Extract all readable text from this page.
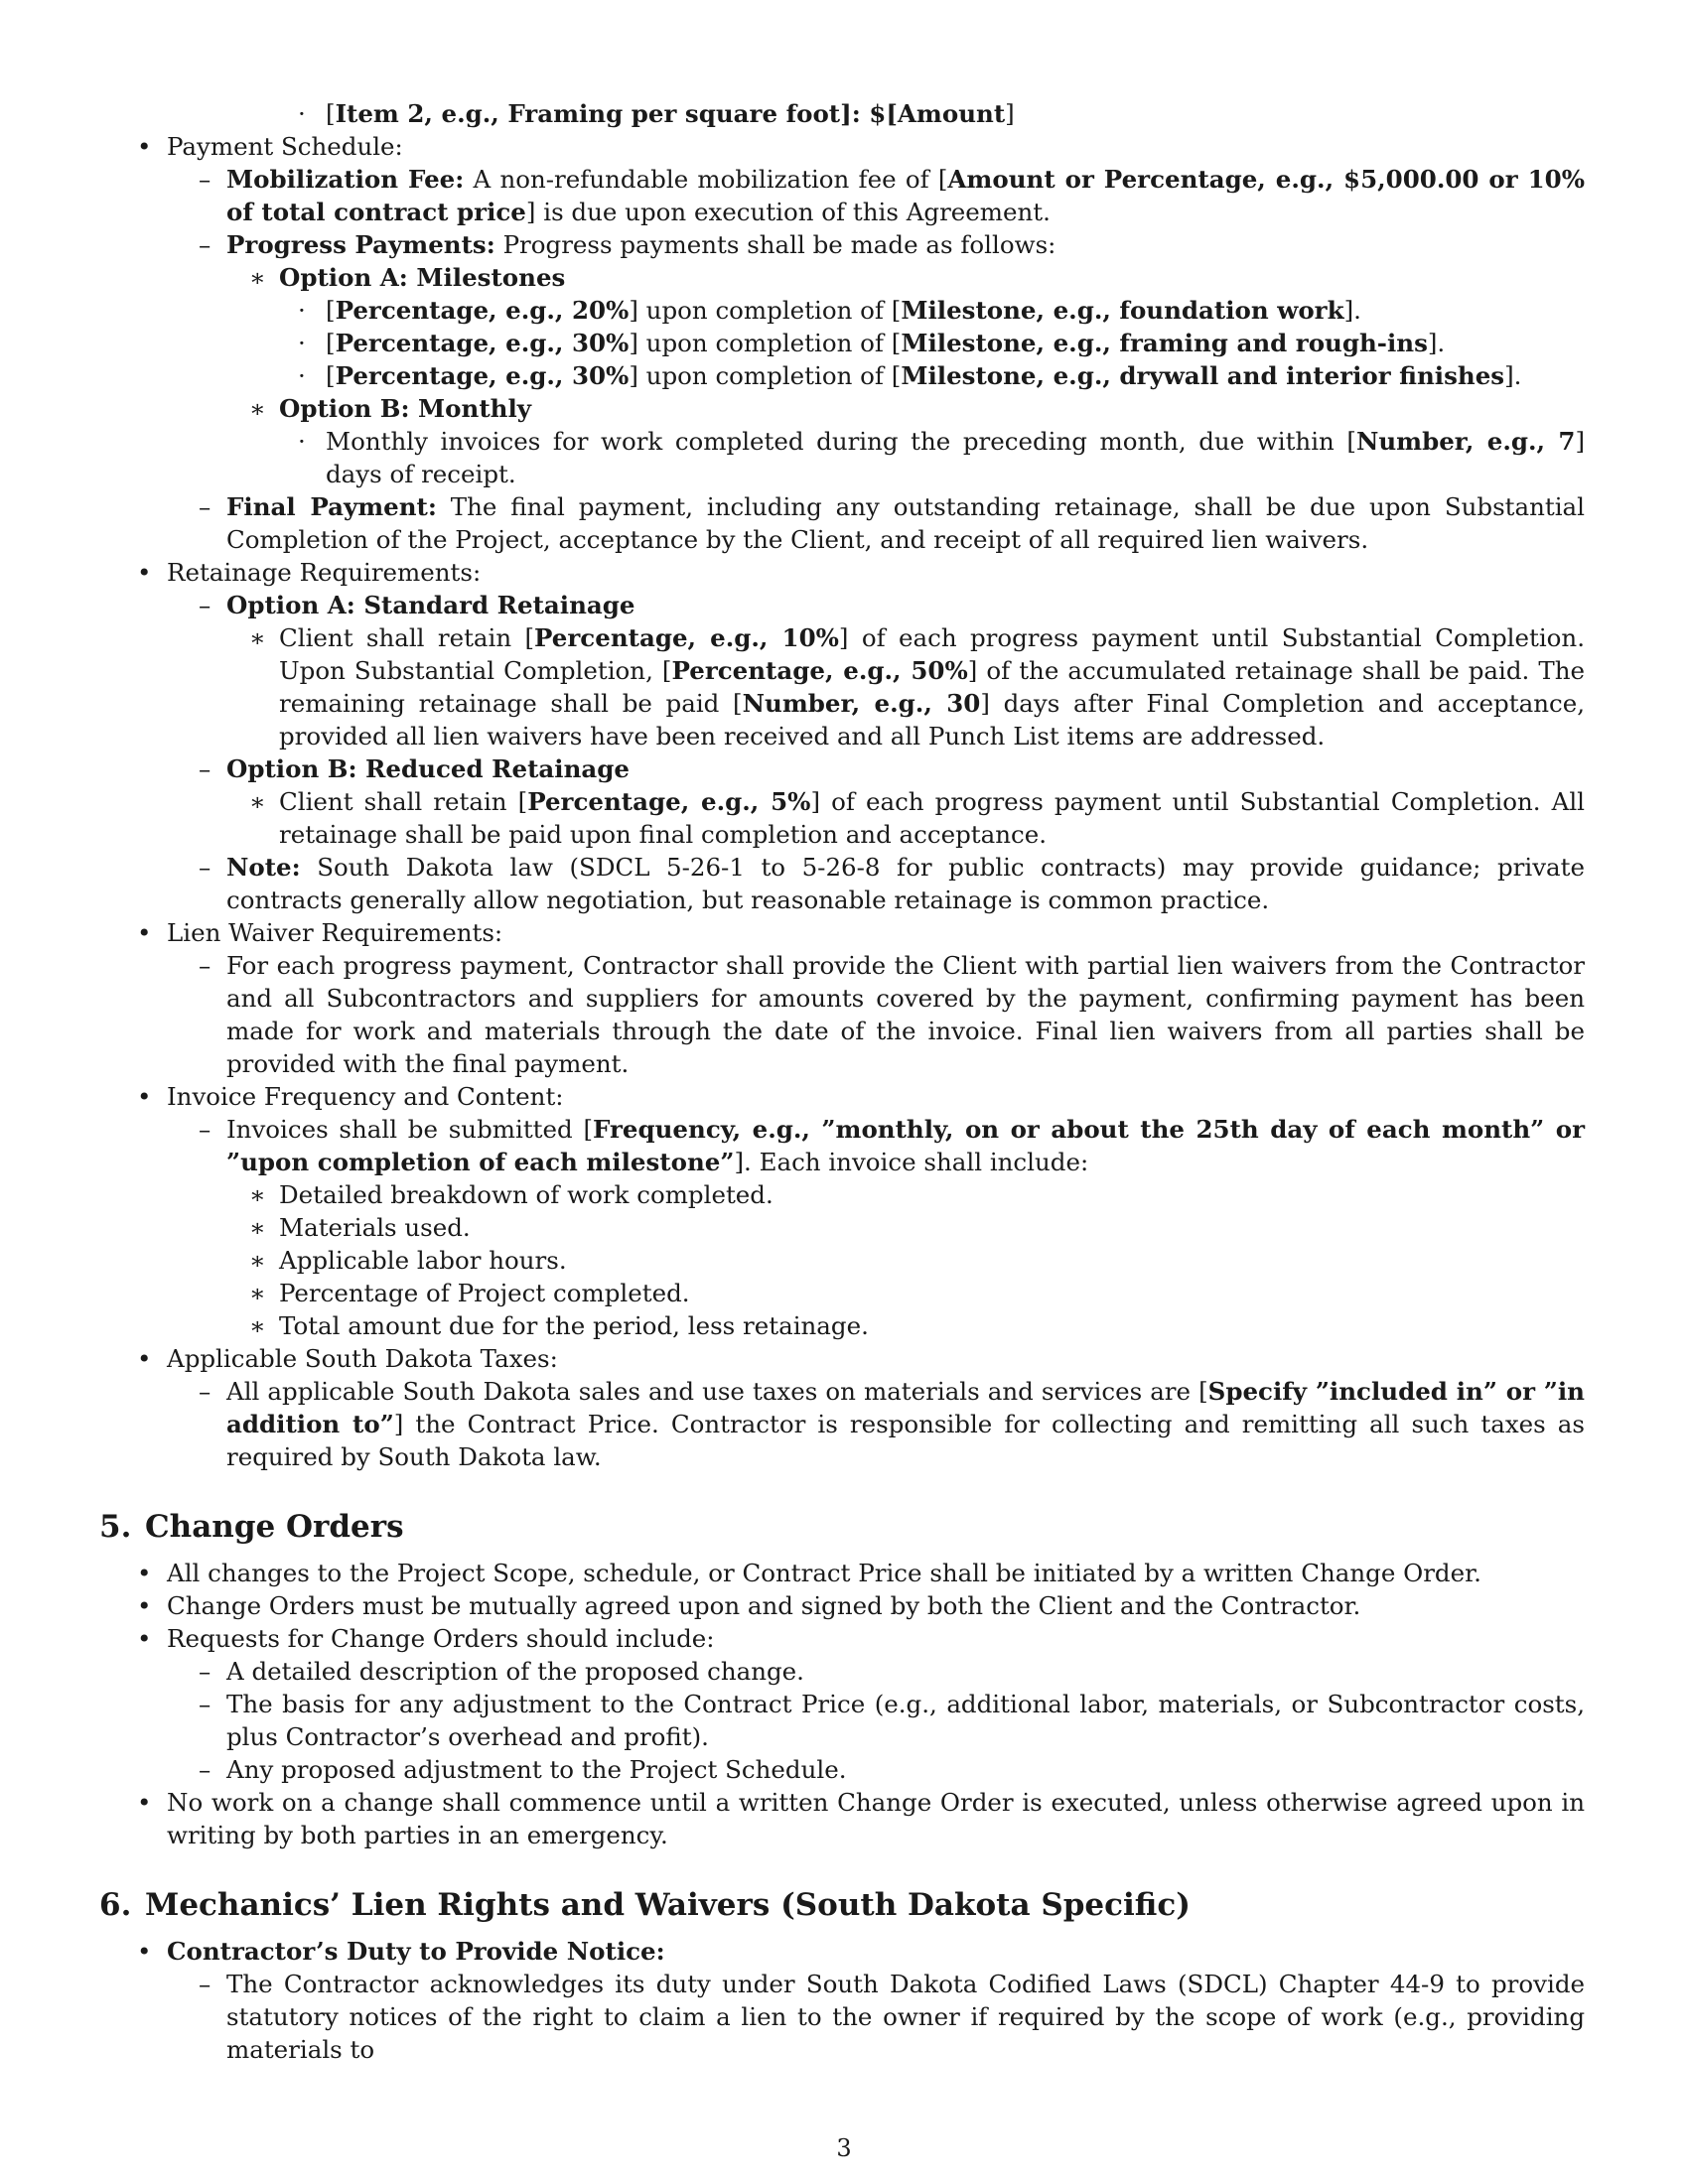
·
[Item 2, e.g., Framing per square foot]: $[Amount]
•
Payment Schedule:
–
Mobilization Fee: A non-refundable mobilization fee of [Amount or Percentage, e.g., $5,000.00 or 10% of total contract price] is due upon execution of this Agreement.
–
Progress Payments: Progress payments shall be made as follows:
∗
Option A: Milestones
·
[Percentage, e.g., 20%] upon completion of [Milestone, e.g., foundation work].
·
[Percentage, e.g., 30%] upon completion of [Milestone, e.g., framing and rough-ins].
·
[Percentage, e.g., 30%] upon completion of [Milestone, e.g., drywall and interior finishes].
∗
Option B: Monthly
·
Monthly invoices for work completed during the preceding month, due within [Number, e.g., 7] days of receipt.
–
Final Payment: The final payment, including any outstanding retainage, shall be due upon Substantial Completion of the Project, acceptance by the Client, and receipt of all required lien waivers.
•
Retainage Requirements:
–
Option A: Standard Retainage
∗
Client shall retain [Percentage, e.g., 10%] of each progress payment until Substantial Completion. Upon Substantial Completion, [Percentage, e.g., 50%] of the accumulated retainage shall be paid. The remaining retainage shall be paid [Number, e.g., 30] days after Final Completion and acceptance, provided all lien waivers have been received and all Punch List items are addressed.
–
Option B: Reduced Retainage
∗
Client shall retain [Percentage, e.g., 5%] of each progress payment until Substantial Completion. All retainage shall be paid upon final completion and acceptance.
–
Note: South Dakota law (SDCL 5-26-1 to 5-26-8 for public contracts) may provide guidance; private contracts generally allow negotiation, but reasonable retainage is common practice.
•
Lien Waiver Requirements:
–
For each progress payment, Contractor shall provide the Client with partial lien waivers from the Contractor and all Subcontractors and suppliers for amounts covered by the payment, confirming payment has been made for work and materials through the date of the invoice. Final lien waivers from all parties shall be provided with the final payment.
•
Invoice Frequency and Content:
–
Invoices shall be submitted [Frequency, e.g., ”monthly, on or about the 25th day of each month” or ”upon completion of each milestone”]. Each invoice shall include:
∗
Detailed breakdown of work completed.
∗
Materials used.
∗
Applicable labor hours.
∗
Percentage of Project completed.
∗
Total amount due for the period, less retainage.
•
Applicable South Dakota Taxes:
–
All applicable South Dakota sales and use taxes on materials and services are [Specify ”included in” or ”in addition to”] the Contract Price. Contractor is responsible for collecting and remitting all such taxes as required by South Dakota law.
5. Change Orders
•
All changes to the Project Scope, schedule, or Contract Price shall be initiated by a written Change Order.
•
Change Orders must be mutually agreed upon and signed by both the Client and the Contractor.
•
Requests for Change Orders should include:
–
A detailed description of the proposed change.
–
The basis for any adjustment to the Contract Price (e.g., additional labor, materials, or Subcontractor costs, plus Contractor’s overhead and profit).
–
Any proposed adjustment to the Project Schedule.
•
No work on a change shall commence until a written Change Order is executed, unless otherwise agreed upon in writing by both parties in an emergency.
6. Mechanics’ Lien Rights and Waivers (South Dakota Specific)
•
Contractor’s Duty to Provide Notice:
–
The Contractor acknowledges its duty under South Dakota Codified Laws (SDCL) Chapter 44-9 to provide statutory notices of the right to claim a lien to the owner if required by the scope of work (e.g., providing materials to
3
